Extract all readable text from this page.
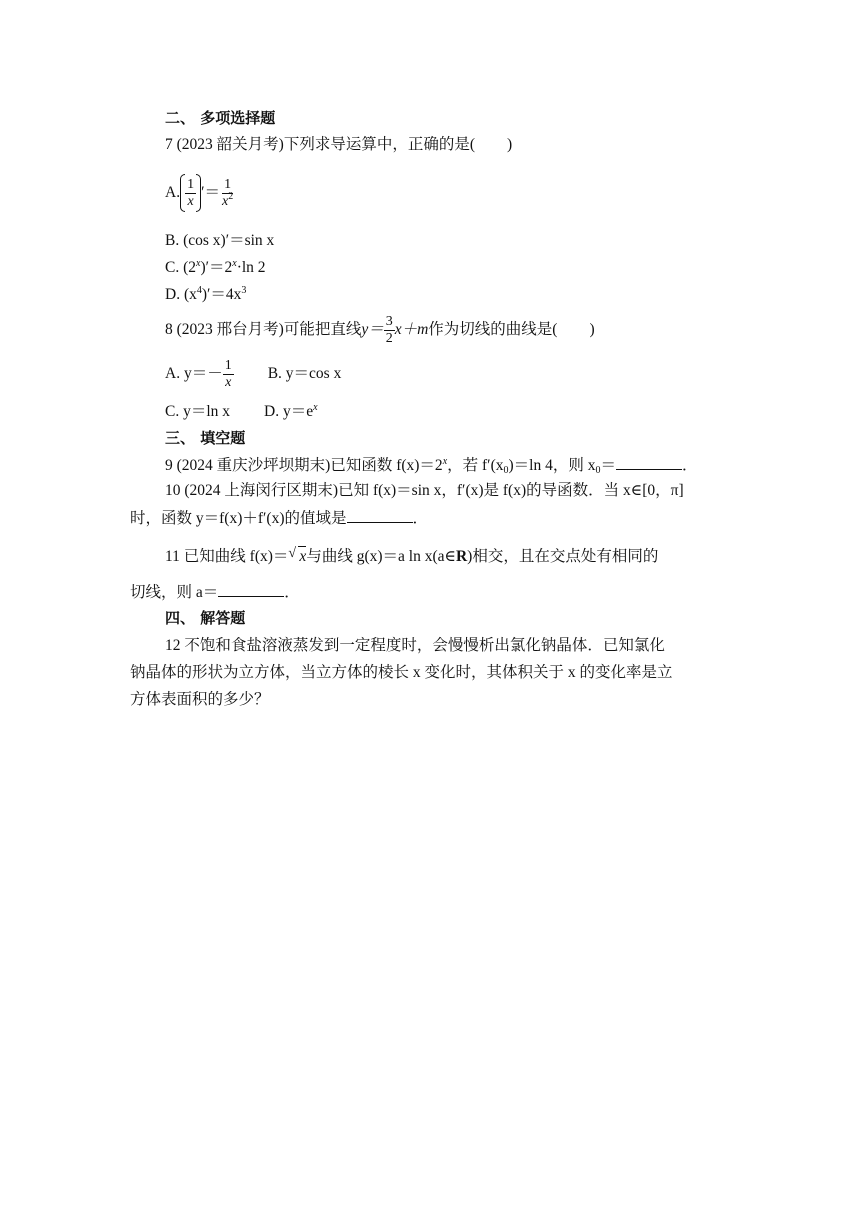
二、 多项选择题
7 (2023 韶关月考)下列求导运算中，正确的是( )
A. $\frac{1}{x}$ ′＝ $\frac{1}{x^2}$
B. (cos x)′＝sin x
C. $(2^x)'=2^x\cdot\ln$ 2
D. $(x^4)'=4x^3$
8 (2023 邢台月考)可能把直线 $y= \frac{3}{2} x+m$ 作为切线的曲线是( )
A. $y=- \frac{1}{x} B$. y＝cos x
C. y＝ln x D. $y=e^x$
三、 填空题
9 (2024 重庆沙坪坝期末)已知函数 $f(x)=2^x$，若 $f'(x_0)=\ln$ 4，则 $x_0=$	．
10 (2024 上海闵行区期末)已知 f(x)＝sin x，f′(x)是 f(x)的导函数．当 x∈[0，π]
时，函数 y＝f(x)＋f′(x)的值域是	．
11 已知曲线 f(x)＝√ x与曲线 g(x)＝a ln x(a∈R)相交，且在交点处有相同的
切线，则 a＝	．
四、 解答题
12 不饱和食盐溶液蒸发到一定程度时，会慢慢析出氯化钠晶体．已知氯化
钠晶体的形状为立方体，当立方体的棱长 x 变化时，其体积关于 x 的变化率是立
方体表面积的多少？
